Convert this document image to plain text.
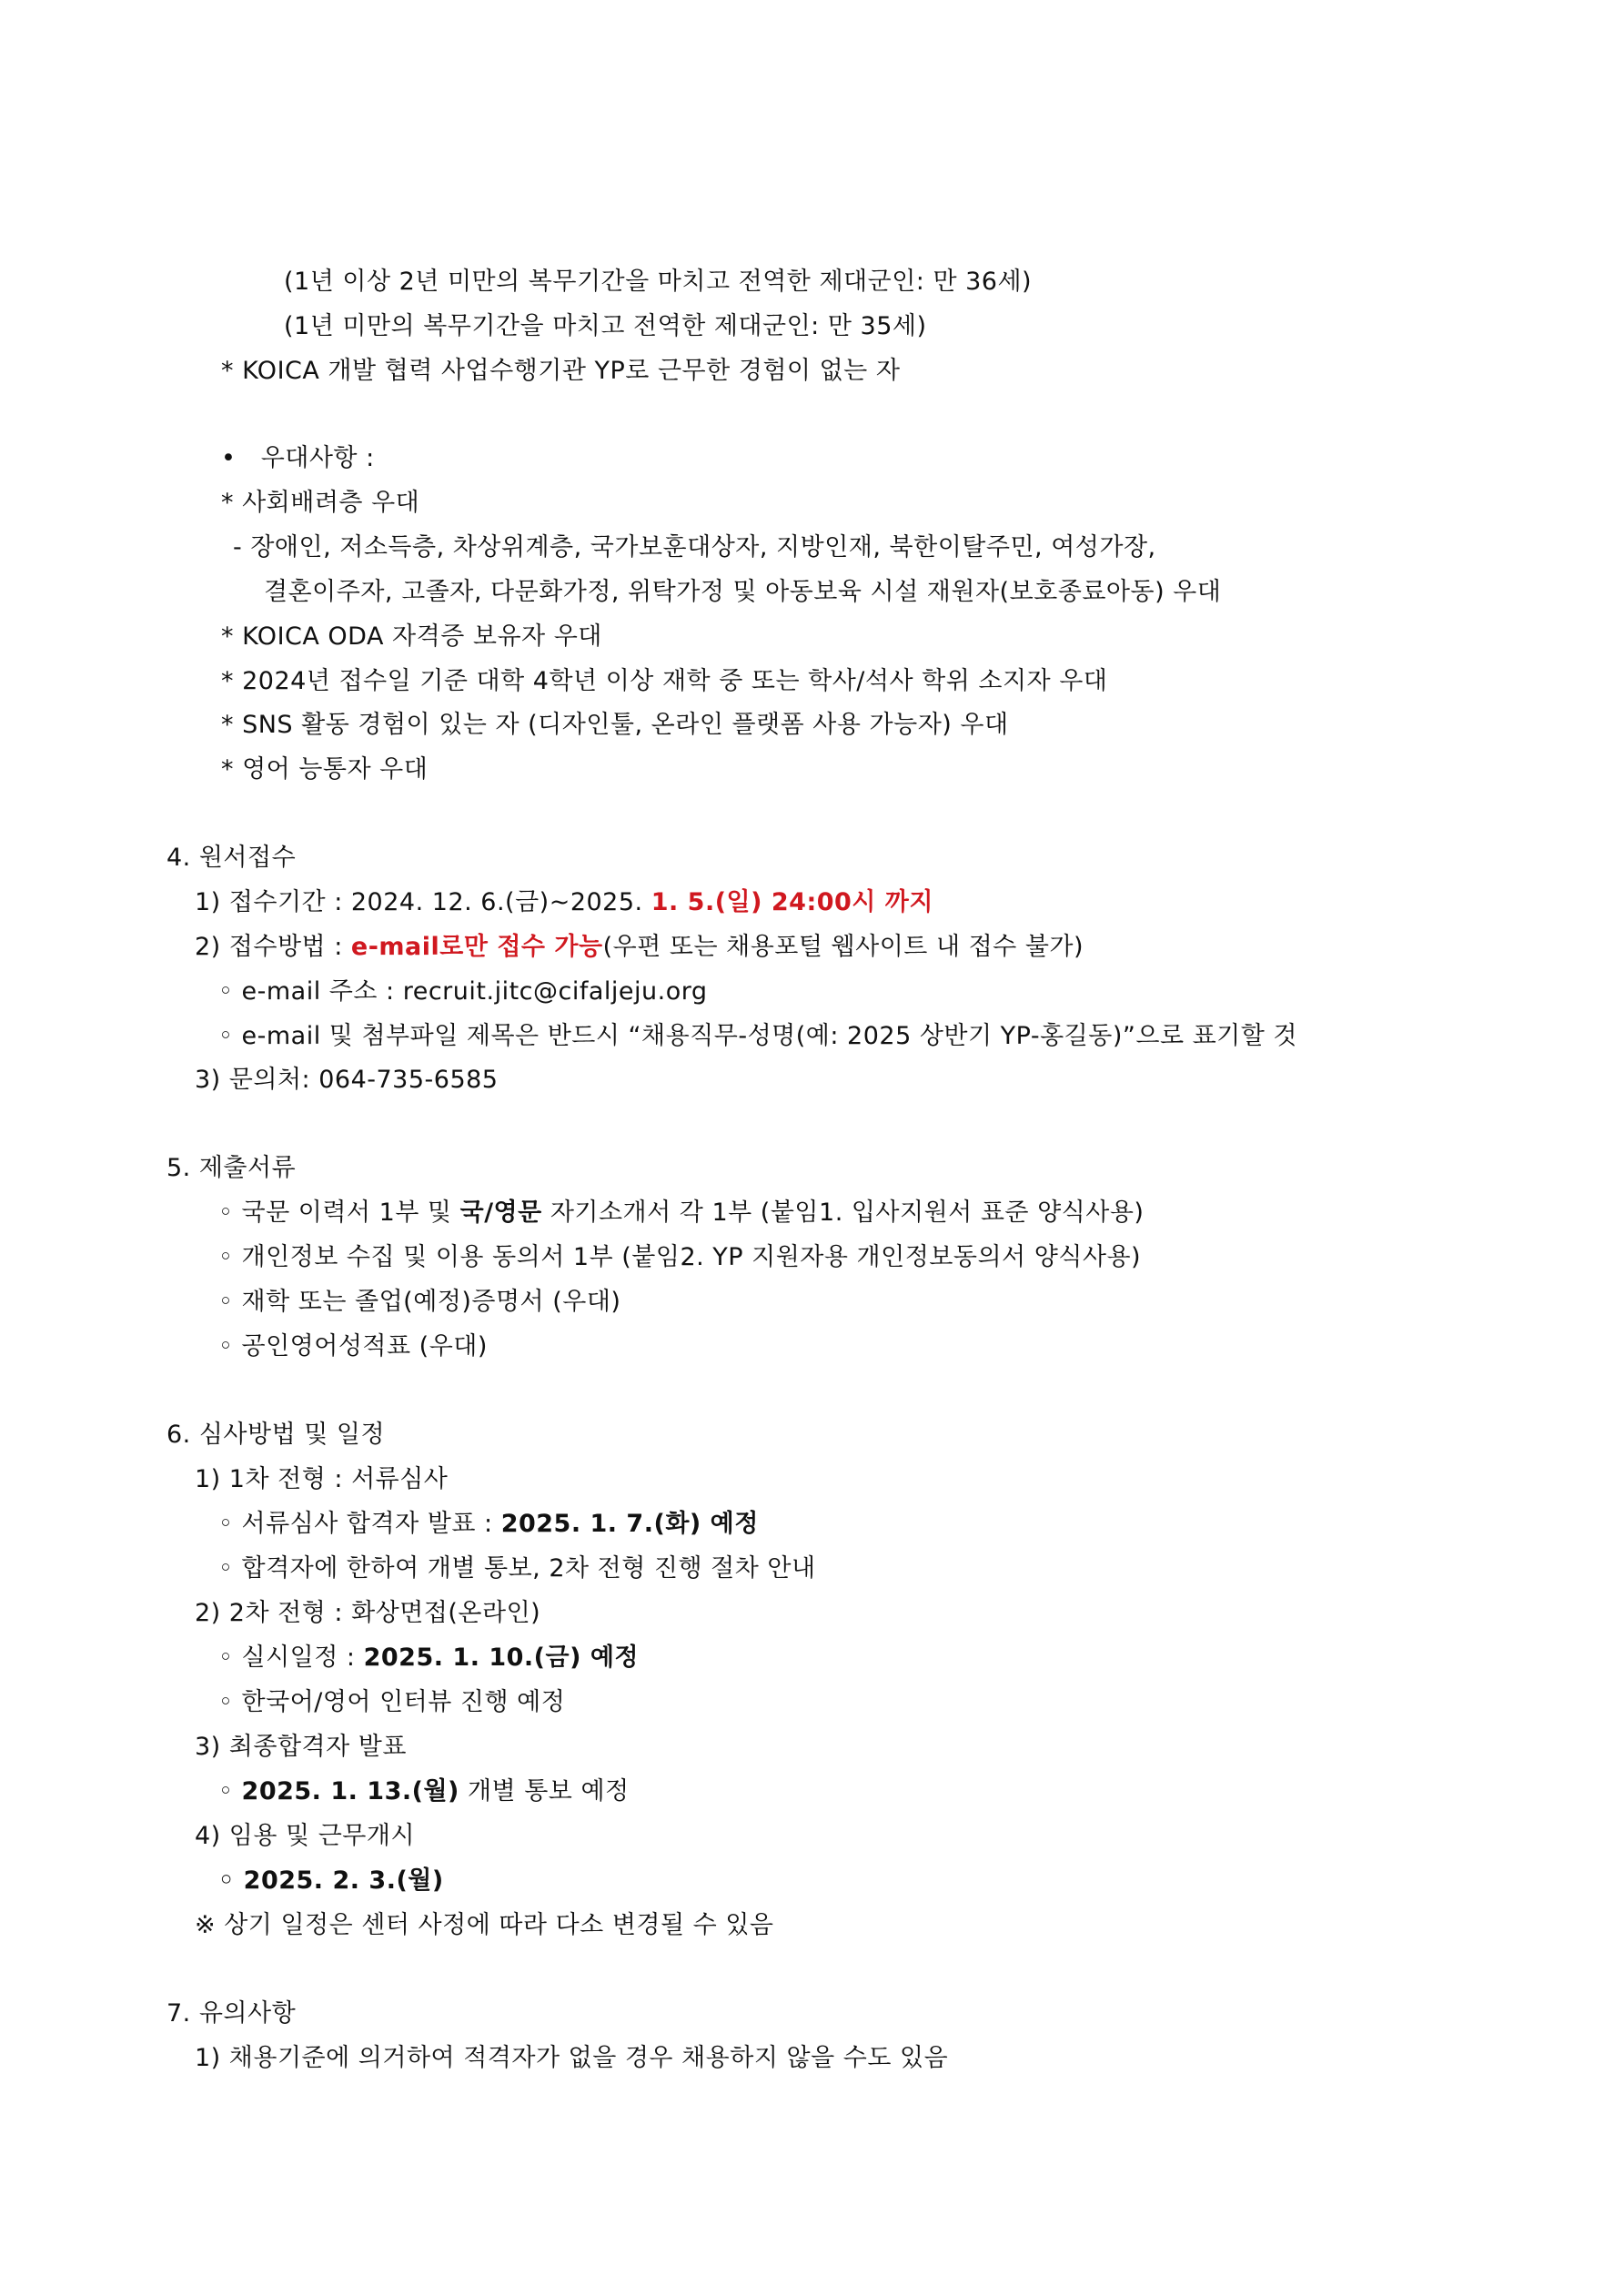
(1년 이상 2년 미만의 복무기간을 마치고 전역한 제대군인: 만 36세)
(1년 미만의 복무기간을 마치고 전역한 제대군인: 만 35세)
* KOICA 개발 협력 사업수행기관 YP로 근무한 경험이 없는 자
• 우대사항 :
* 사회배려층 우대
- 장애인, 저소득층, 차상위계층, 국가보훈대상자, 지방인재, 북한이탈주민, 여성가장,
결혼이주자, 고졸자, 다문화가정, 위탁가정 및 아동보육 시설 재원자(보호종료아동) 우대
* KOICA ODA 자격증 보유자 우대
* 2024년 접수일 기준 대학 4학년 이상 재학 중 또는 학사/석사 학위 소지자 우대
* SNS 활동 경험이 있는 자 (디자인툴, 온라인 플랫폼 사용 가능자) 우대
* 영어 능통자 우대
4. 원서접수
1) 접수기간 : 2024. 12. 6.(금)~2025. 1. 5.(일) 24:00시 까지
2) 접수방법 : e-mail로만 접수 가능(우편 또는 채용포털 웹사이트 내 접수 불가)
◦ e-mail 주소 : recruit.jitc@cifaljeju.org
◦ e-mail 및 첨부파일 제목은 반드시 “채용직무-성명(예: 2025 상반기 YP-홍길동)”으로 표기할 것
3) 문의처: 064-735-6585
5. 제출서류
◦ 국문 이력서 1부 및 국/영문 자기소개서 각 1부 (붙임1. 입사지원서 표준 양식사용)
◦ 개인정보 수집 및 이용 동의서 1부 (붙임2. YP 지원자용 개인정보동의서 양식사용)
◦ 재학 또는 졸업(예정)증명서 (우대)
◦ 공인영어성적표 (우대)
6. 심사방법 및 일정
1) 1차 전형 : 서류심사
◦ 서류심사 합격자 발표 : 2025. 1. 7.(화) 예정
◦ 합격자에 한하여 개별 통보, 2차 전형 진행 절차 안내
2) 2차 전형 : 화상면접(온라인)
◦ 실시일정 : 2025. 1. 10.(금) 예정
◦ 한국어/영어 인터뷰 진행 예정
3) 최종합격자 발표
◦ 2025. 1. 13.(월) 개별 통보 예정
4) 임용 및 근무개시
◦ 2025. 2. 3.(월)
※ 상기 일정은 센터 사정에 따라 다소 변경될 수 있음
7. 유의사항
1) 채용기준에 의거하여 적격자가 없을 경우 채용하지 않을 수도 있음
